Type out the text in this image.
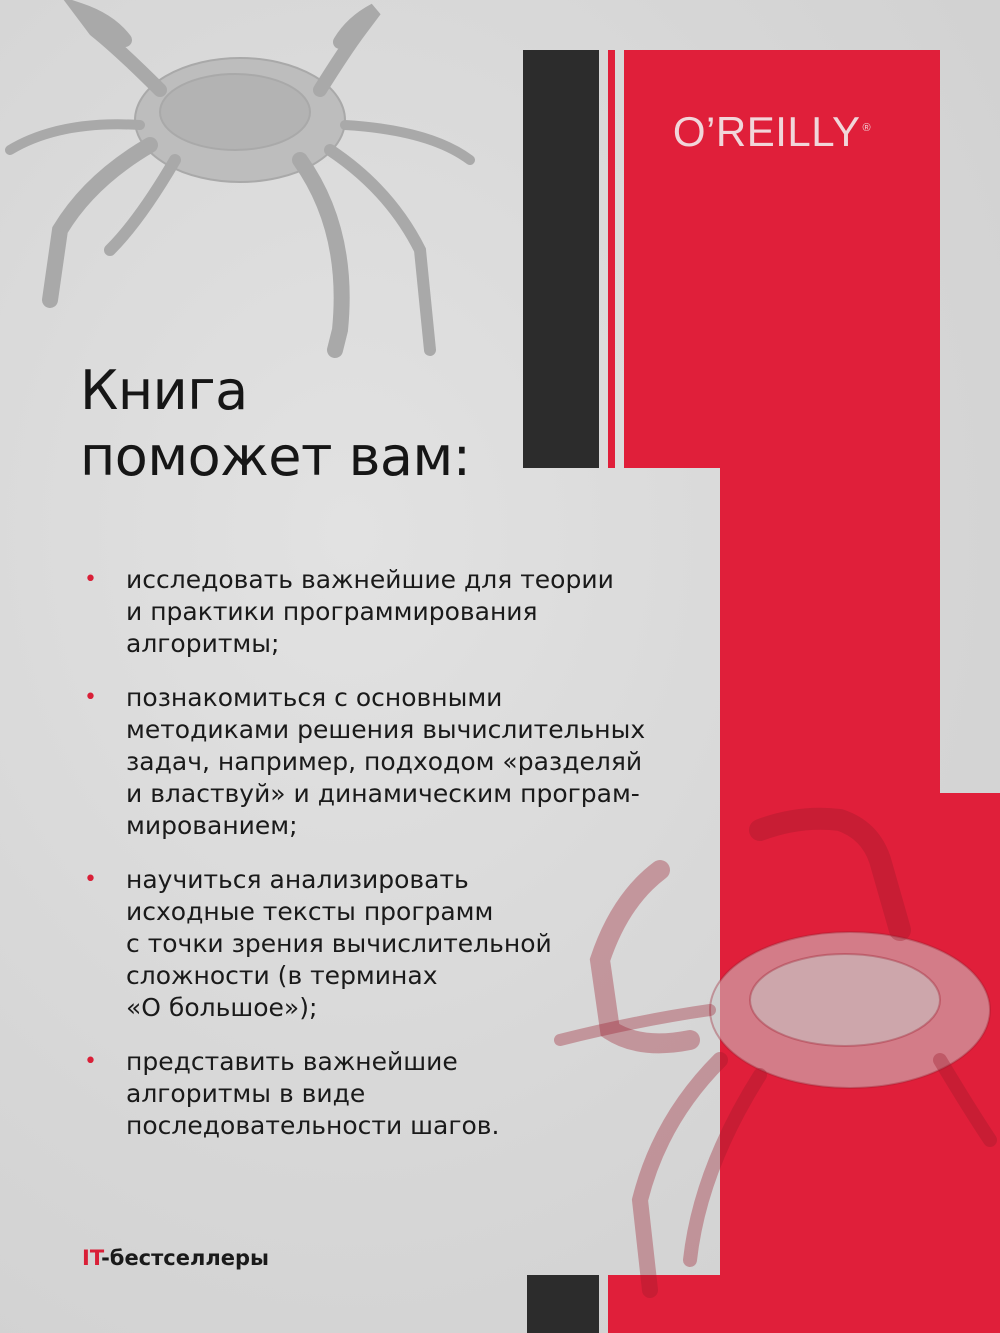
O’REILLY ®
Книга
поможет вам:
• исследовать важнейшие для теории
и практики программирования
алгоритмы;
• познакомиться с основными
методиками решения вычислительных
задач, например, подходом «разделяй
и властвуй» и динамическим програм-
мированием;
• научиться анализировать
исходные тексты программ
с точки зрения вычислительной
сложности (в терминах
«О большое»);
• представить важнейшие
алгоритмы в виде
последовательности шагов.
IT-бестселлеры
